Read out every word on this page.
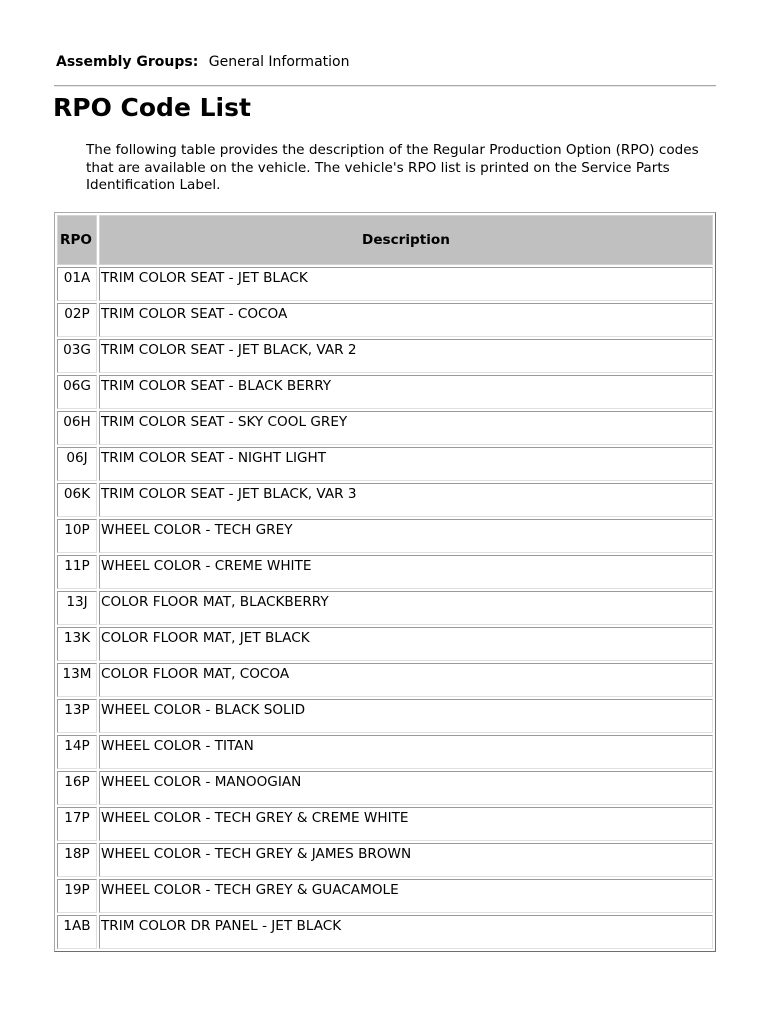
Assembly Groups: General Information
RPO Code List

The following table provides the description of the Regular Production Option (RPO) codes that are available on the vehicle. The vehicle's RPO list is printed on the Service Parts Identification Label.

RPO	Description
01A	TRIM COLOR SEAT - JET BLACK
02P	TRIM COLOR SEAT - COCOA
03G	TRIM COLOR SEAT - JET BLACK, VAR 2
06G	TRIM COLOR SEAT - BLACK BERRY
06H	TRIM COLOR SEAT - SKY COOL GREY
06J	TRIM COLOR SEAT - NIGHT LIGHT
06K	TRIM COLOR SEAT - JET BLACK, VAR 3
10P	WHEEL COLOR - TECH GREY
11P	WHEEL COLOR - CREME WHITE
13J	COLOR FLOOR MAT, BLACKBERRY
13K	COLOR FLOOR MAT, JET BLACK
13M	COLOR FLOOR MAT, COCOA
13P	WHEEL COLOR - BLACK SOLID
14P	WHEEL COLOR - TITAN
16P	WHEEL COLOR - MANOOGIAN
17P	WHEEL COLOR - TECH GREY & CREME WHITE
18P	WHEEL COLOR - TECH GREY & JAMES BROWN
19P	WHEEL COLOR - TECH GREY & GUACAMOLE
1AB	TRIM COLOR DR PANEL - JET BLACK
